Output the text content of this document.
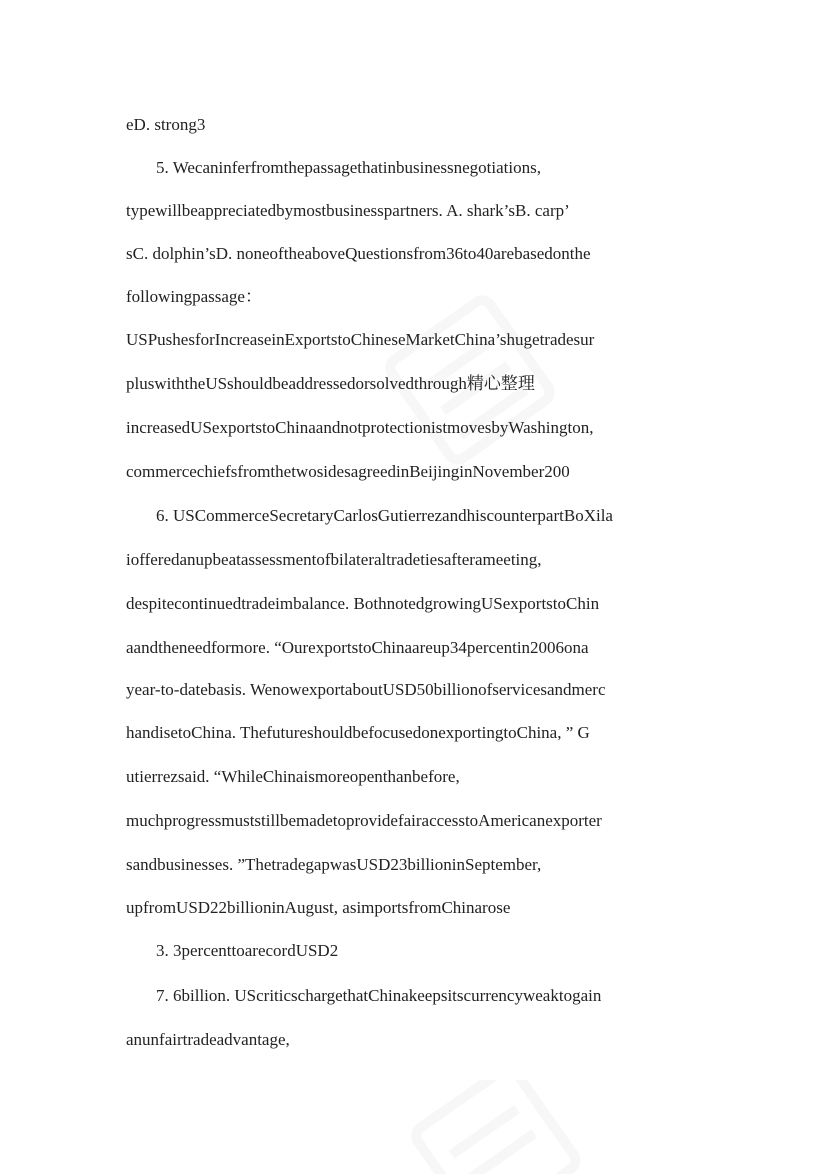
eD. strong3
5. Wecaninferfromthepassagethatinbusinessnegotiations,
typewillbeappreciatedbymostbusinesspartners. A. shark’sB. carp’
sC. dolphin’sD. noneoftheaboveQuestionsfrom36to40arebasedonthe
followingpassage：
USPushesforIncreaseinExportstoChineseMarketChina’shugetradesur
pluswiththeUSshouldbeaddressedorsolvedthrough精心整理
increasedUSexportstoChinaandnotprotectionistmovesbyWashington,
commercechiefsfromthetwosidesagreedinBeijinginNovember200
6. USCommerceSecretaryCarlosGutierrezandhiscounterpartBoXila
iofferedanupbeatassessmentofbilateraltradetiesafterameeting,
despitecontinuedtradeimbalance. BothnotedgrowingUSexportstoChin
aandtheneedformore. “OurexportstoChinaareup34percentin2006ona
year-to-datebasis. WenowexportaboutUSD50billionofservicesandmerc
handisetoChina. ThefutureshouldbefocusedonexportingtoChina, ” G
utierrezsaid. “WhileChinaismoreopenthanbefore,
muchprogressmuststillbemadetoprovidefairaccesstoAmericanexporter
sandbusinesses. ”ThetradegapwasUSD23billioninSeptember,
upfromUSD22billioninAugust, asimportsfromChinarose
3. 3percenttoarecordUSD2
7. 6billion. UScriticschargethatChinakeepsitscurrencyweaktogain
anunfairtradeadvantage,
